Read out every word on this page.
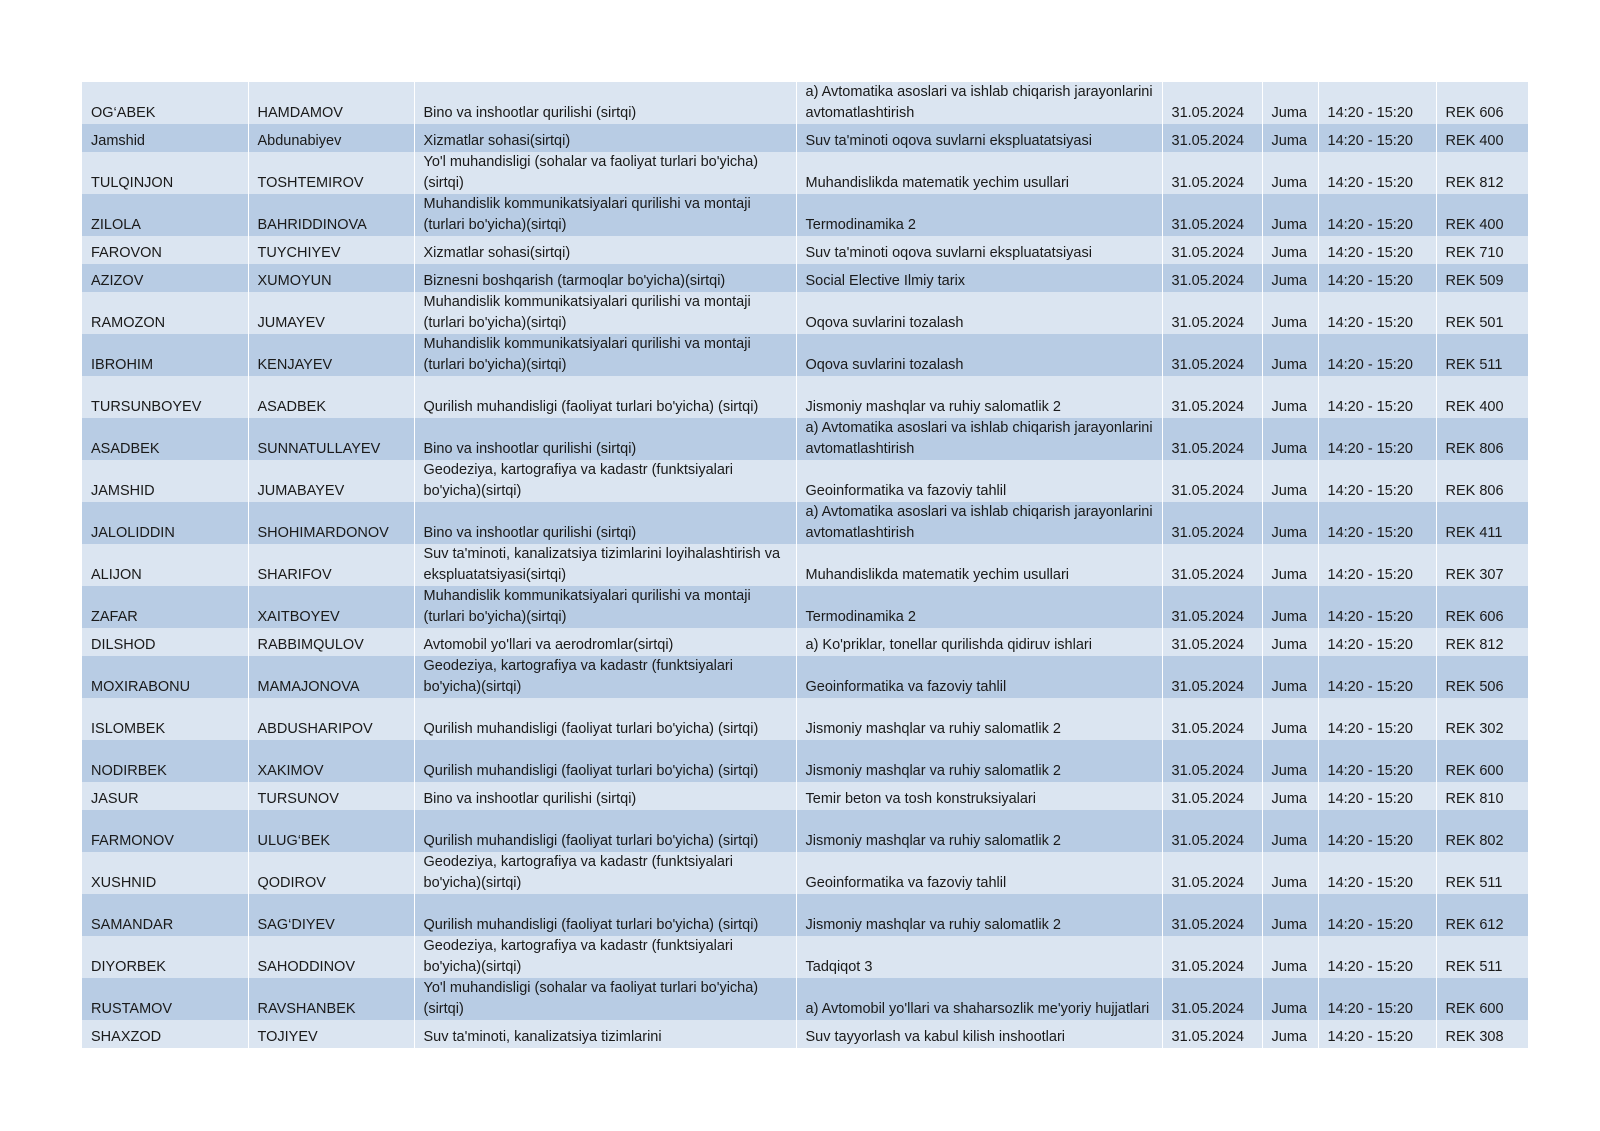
OG‘ABEK	HAMDAMOV	Bino va inshootlar qurilishi (sirtqi)	a) Avtomatika asoslari va ishlab chiqarish jarayonlarini avtomatlashtirish	31.05.2024	Juma	14:20 - 15:20	REK 606
Jamshid	Abdunabiyev	Xizmatlar sohasi(sirtqi)	Suv ta'minoti oqova suvlarni ekspluatatsiyasi	31.05.2024	Juma	14:20 - 15:20	REK 400
TULQINJON	TOSHTEMIROV	Yo'l muhandisligi (sohalar va faoliyat turlari bo'yicha)(sirtqi)	Muhandislikda matematik yechim usullari	31.05.2024	Juma	14:20 - 15:20	REK 812
ZILOLA	BAHRIDDINOVA	Muhandislik kommunikatsiyalari qurilishi va montaji (turlari bo'yicha)(sirtqi)	Termodinamika 2	31.05.2024	Juma	14:20 - 15:20	REK 400
FAROVON	TUYCHIYEV	Xizmatlar sohasi(sirtqi)	Suv ta'minoti oqova suvlarni ekspluatatsiyasi	31.05.2024	Juma	14:20 - 15:20	REK 710
AZIZOV	XUMOYUN	Biznesni boshqarish (tarmoqlar bo'yicha)(sirtqi)	Social Elective Ilmiy tarix	31.05.2024	Juma	14:20 - 15:20	REK 509
RAMOZON	JUMAYEV	Muhandislik kommunikatsiyalari qurilishi va montaji (turlari bo'yicha)(sirtqi)	Oqova suvlarini tozalash	31.05.2024	Juma	14:20 - 15:20	REK 501
IBROHIM	KENJAYEV	Muhandislik kommunikatsiyalari qurilishi va montaji (turlari bo'yicha)(sirtqi)	Oqova suvlarini tozalash	31.05.2024	Juma	14:20 - 15:20	REK 511
TURSUNBOYEV	ASADBEK	Qurilish muhandisligi (faoliyat turlari bo'yicha) (sirtqi)	Jismoniy mashqlar va ruhiy salomatlik 2	31.05.2024	Juma	14:20 - 15:20	REK 400
ASADBEK	SUNNATULLAYEV	Bino va inshootlar qurilishi (sirtqi)	a) Avtomatika asoslari va ishlab chiqarish jarayonlarini avtomatlashtirish	31.05.2024	Juma	14:20 - 15:20	REK 806
JAMSHID	JUMABAYEV	Geodeziya, kartografiya va kadastr (funktsiyalari bo'yicha)(sirtqi)	Geoinformatika va fazoviy tahlil	31.05.2024	Juma	14:20 - 15:20	REK 806
JALOLIDDIN	SHOHIMARDONOV	Bino va inshootlar qurilishi (sirtqi)	a) Avtomatika asoslari va ishlab chiqarish jarayonlarini avtomatlashtirish	31.05.2024	Juma	14:20 - 15:20	REK 411
ALIJON	SHARIFOV	Suv ta'minoti, kanalizatsiya tizimlarini loyihalashtirish va ekspluatatsiyasi(sirtqi)	Muhandislikda matematik yechim usullari	31.05.2024	Juma	14:20 - 15:20	REK 307
ZAFAR	XAITBOYEV	Muhandislik kommunikatsiyalari qurilishi va montaji (turlari bo'yicha)(sirtqi)	Termodinamika 2	31.05.2024	Juma	14:20 - 15:20	REK 606
DILSHOD	RABBIMQULOV	Avtomobil yo'llari va aerodromlar(sirtqi)	a) Ko'priklar, tonellar qurilishda qidiruv ishlari	31.05.2024	Juma	14:20 - 15:20	REK 812
MOXIRABONU	MAMAJONOVA	Geodeziya, kartografiya va kadastr (funktsiyalari bo'yicha)(sirtqi)	Geoinformatika va fazoviy tahlil	31.05.2024	Juma	14:20 - 15:20	REK 506
ISLOMBEK	ABDUSHARIPOV	Qurilish muhandisligi (faoliyat turlari bo'yicha) (sirtqi)	Jismoniy mashqlar va ruhiy salomatlik 2	31.05.2024	Juma	14:20 - 15:20	REK 302
NODIRBEK	XAKIMOV	Qurilish muhandisligi (faoliyat turlari bo'yicha) (sirtqi)	Jismoniy mashqlar va ruhiy salomatlik 2	31.05.2024	Juma	14:20 - 15:20	REK 600
JASUR	TURSUNOV	Bino va inshootlar qurilishi (sirtqi)	Temir beton va tosh konstruksiyalari	31.05.2024	Juma	14:20 - 15:20	REK 810
FARMONOV	ULUG‘BEK	Qurilish muhandisligi (faoliyat turlari bo'yicha) (sirtqi)	Jismoniy mashqlar va ruhiy salomatlik 2	31.05.2024	Juma	14:20 - 15:20	REK 802
XUSHNID	QODIROV	Geodeziya, kartografiya va kadastr (funktsiyalari bo'yicha)(sirtqi)	Geoinformatika va fazoviy tahlil	31.05.2024	Juma	14:20 - 15:20	REK 511
SAMANDAR	SAG‘DIYEV	Qurilish muhandisligi (faoliyat turlari bo'yicha) (sirtqi)	Jismoniy mashqlar va ruhiy salomatlik 2	31.05.2024	Juma	14:20 - 15:20	REK 612
DIYORBEK	SAHODDINOV	Geodeziya, kartografiya va kadastr (funktsiyalari bo'yicha)(sirtqi)	Tadqiqot 3	31.05.2024	Juma	14:20 - 15:20	REK 511
RUSTAMOV	RAVSHANBEK	Yo'l muhandisligi (sohalar va faoliyat turlari bo'yicha)(sirtqi)	a) Avtomobil yo'llari va shaharsozlik me'yoriy hujjatlari	31.05.2024	Juma	14:20 - 15:20	REK 600
SHAXZOD	TOJIYEV	Suv ta'minoti, kanalizatsiya tizimlarini	Suv tayyorlash va kabul kilish inshootlari	31.05.2024	Juma	14:20 - 15:20	REK 308
